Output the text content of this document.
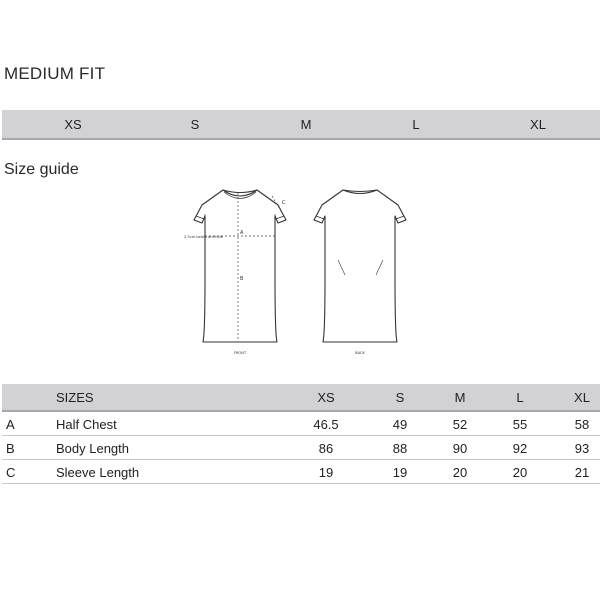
MEDIUM FIT
XS	S	M	L	XL
Size guide
A
B
C
2.5cm below armhole
FRONT	BACK
SIZES	XS	S	M	L	XL
A	Half Chest	46.5	49	52	55	58
B	Body Length	86	88	90	92	93
C	Sleeve Length	19	19	20	20	21
